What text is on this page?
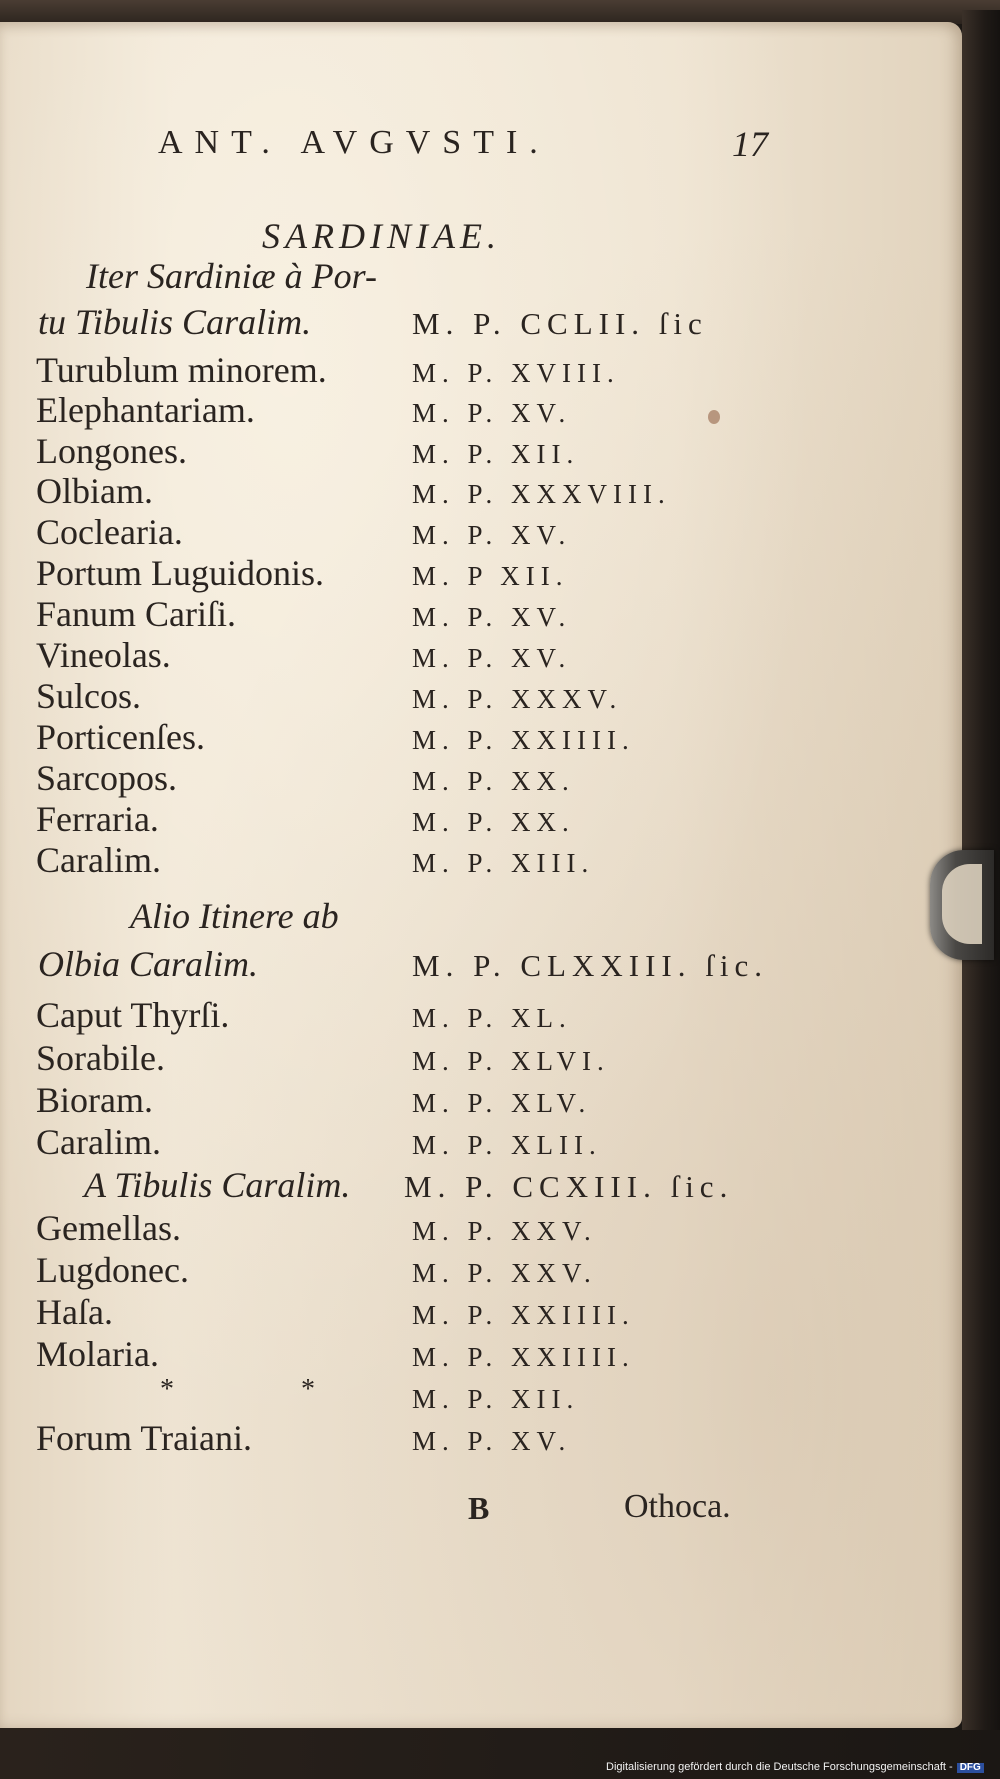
ANT. AVGVSTI.	17
SARDINIAE.
Iter Sardiniæ à Por-
tu Tibulis Caralim.	M. P. CCLII. ſic
Turublum minorem.	M. P. XVIII.
Elephantariam.	M. P. XV.
Longones.	M. P. XII.
Olbiam.	M. P. XXXVIII.
Coclearia.	M. P. XV.
Portum Luguidonis.	M. P XII.
Fanum Cariſi.	M. P. XV.
Vineolas.	M. P. XV.
Sulcos.	M. P. XXXV.
Porticenſes.	M. P. XXIIII.
Sarcopos.	M. P. XX.
Ferraria.	M. P. XX.
Caralim.	M. P. XIII.
Alio Itinere ab
Olbia Caralim.	M. P. CLXXIII. ſic.
Caput Thyrſi.	M. P. XL.
Sorabile.	M. P. XLVI.
Bioram.	M. P. XLV.
Caralim.	M. P. XLII.
A Tibulis Caralim. M. P. CCXIII. ſic.
Gemellas.	M. P. XXV.
Lugdonec.	M. P. XXV.
Haſa.	M. P. XXIIII.
Molaria.	M. P. XXIIII.
* * M. P. XII.
Forum Traiani.	M. P. XV.
B	Othoca.
Digitalisierung gefördert durch die Deutsche Forschungsgemeinschaft - DFG
